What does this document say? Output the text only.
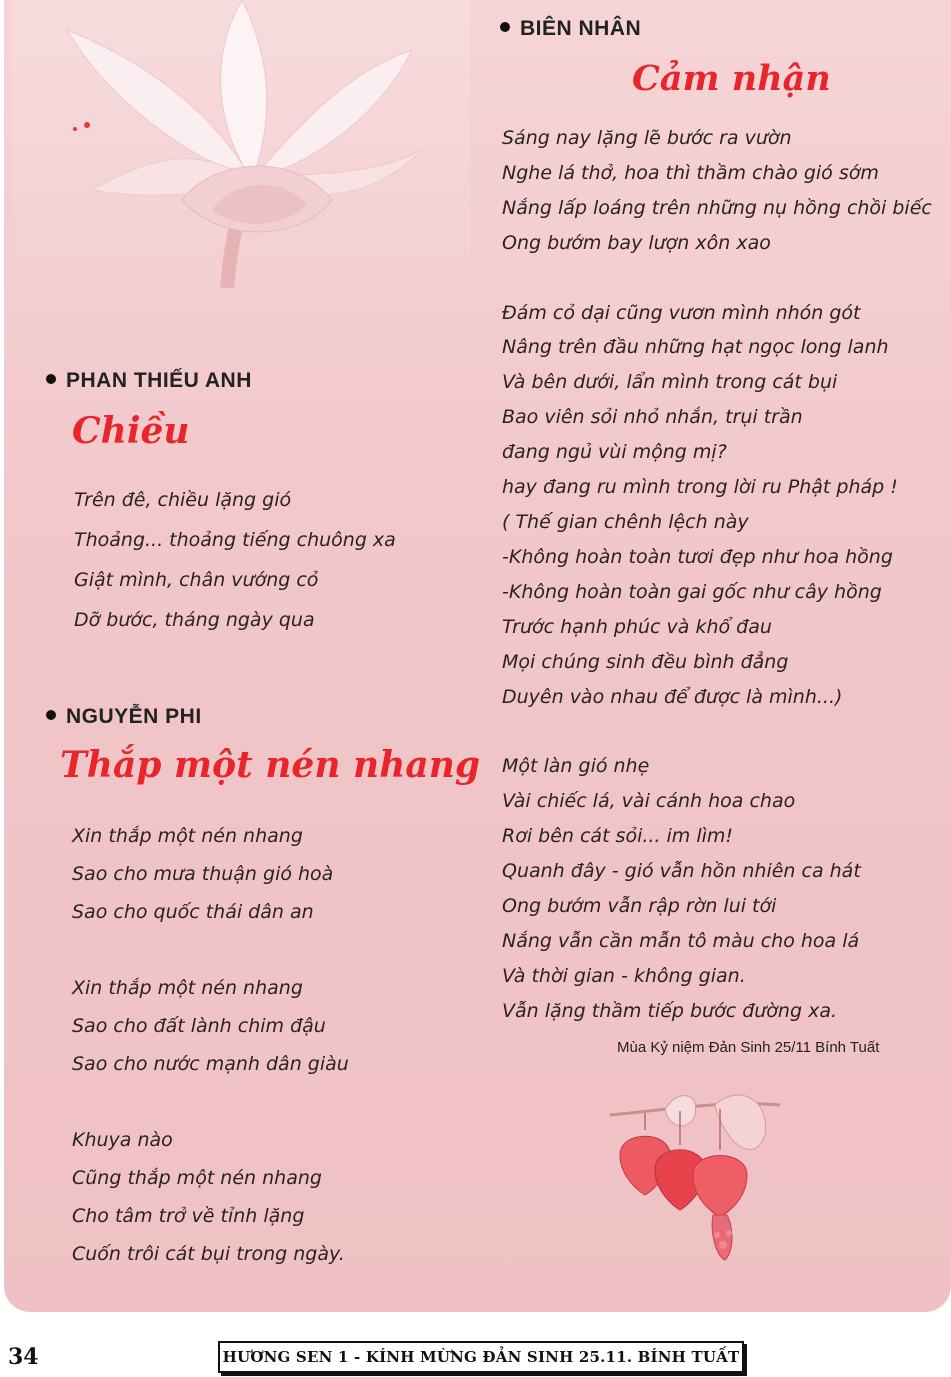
BIÊN NHÂN
Cảm nhận
Sáng nay lặng lẽ bước ra vườn
Nghe lá thở, hoa thì thầm chào gió sớm
Nắng lấp loáng trên những nụ hồng chồi biếc
Ong bướm bay lượn xôn xao

Đám cỏ dại cũng vươn mình nhón gót
Nâng trên đầu những hạt ngọc long lanh
Và bên dưới, lẩn mình trong cát bụi
Bao viên sỏi nhỏ nhắn, trụi trần
đang ngủ vùi mộng mị?
hay đang ru mình trong lời ru Phật pháp !
( Thế gian chênh lệch này
-Không hoàn toàn tươi đẹp như hoa hồng
-Không hoàn toàn gai gốc như cây hồng
Trước hạnh phúc và khổ đau
Mọi chúng sinh đều bình đẳng
Duyên vào nhau để được là mình...)

Một làn gió nhẹ
Vài chiếc lá, vài cánh hoa chao
Rơi bên cát sỏi... im lìm!
Quanh đây - gió vẫn hồn nhiên ca hát
Ong bướm vẫn rập rờn lui tới
Nắng vẫn cần mẫn tô màu cho hoa lá
Và thời gian - không gian.
Vẫn lặng thầm tiếp bước đường xa.
Mùa Kỷ niệm Đản Sinh 25/11 Bính Tuất
PHAN THIẾU ANH
Chiều
Trên đê, chiều lặng gió
Thoảng... thoảng tiếng chuông xa
Giật mình, chân vướng cỏ
Dỡ bước, tháng ngày qua
NGUYỄN PHI
Thắp một nén nhang
Xin thắp một nén nhang
Sao cho mưa thuận gió hoà
Sao cho quốc thái dân an

Xin thắp một nén nhang
Sao cho đất lành chim đậu
Sao cho nước mạnh dân giàu

Khuya nào
Cũng thắp một nén nhang
Cho tâm trở về tỉnh lặng
Cuốn trôi cát bụi trong ngày.
34	HƯƠNG SEN 1 - KÍNH MỪNG ĐẢN SINH 25.11. BÍNH TUẤT
